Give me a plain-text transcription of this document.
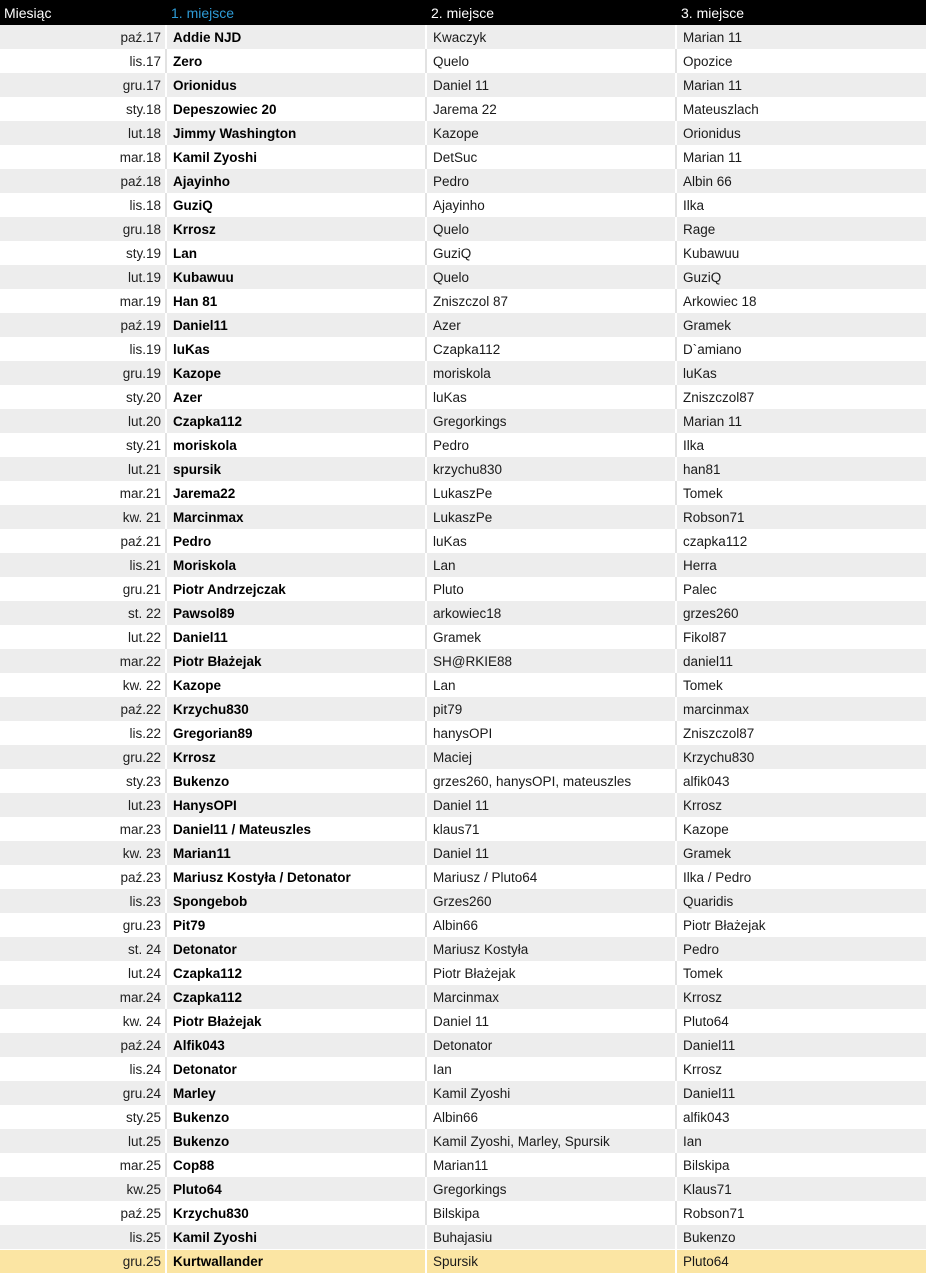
Miesiąc	1. miejsce	2. miejsce	3. miejsce
paź.17	Addie NJD	Kwaczyk	Marian 11
lis.17	Zero	Quelo	Opozice
gru.17	Orionidus	Daniel 11	Marian 11
sty.18	Depeszowiec 20	Jarema 22	Mateuszlach
lut.18	Jimmy Washington	Kazope	Orionidus
mar.18	Kamil Zyoshi	DetSuc	Marian 11
paź.18	Ajayinho	Pedro	Albin 66
lis.18	GuziQ	Ajayinho	Ilka
gru.18	Krrosz	Quelo	Rage
sty.19	Lan	GuziQ	Kubawuu
lut.19	Kubawuu	Quelo	GuziQ
mar.19	Han 81	Zniszczol 87	Arkowiec 18
paź.19	Daniel11	Azer	Gramek
lis.19	luKas	Czapka112	D`amiano
gru.19	Kazope	moriskola	luKas
sty.20	Azer	luKas	Zniszczol87
lut.20	Czapka112	Gregorkings	Marian 11
sty.21	moriskola	Pedro	Ilka
lut.21	spursik	krzychu830	han81
mar.21	Jarema22	LukaszPe	Tomek
kw. 21	Marcinmax	LukaszPe	Robson71
paź.21	Pedro	luKas	czapka112
lis.21	Moriskola	Lan	Herra
gru.21	Piotr Andrzejczak	Pluto	Palec
st. 22	Pawsol89	arkowiec18	grzes260
lut.22	Daniel11	Gramek	Fikol87
mar.22	Piotr Błażejak	SH@RKIE88	daniel11
kw. 22	Kazope	Lan	Tomek
paź.22	Krzychu830	pit79	marcinmax
lis.22	Gregorian89	hanysOPI	Zniszczol87
gru.22	Krrosz	Maciej	Krzychu830
sty.23	Bukenzo	grzes260, hanysOPI, mateuszles	alfik043
lut.23	HanysOPI	Daniel 11	Krrosz
mar.23	Daniel11 / Mateuszles	klaus71	Kazope
kw. 23	Marian11	Daniel 11	Gramek
paź.23	Mariusz Kostyła / Detonator	Mariusz / Pluto64	Ilka / Pedro
lis.23	Spongebob	Grzes260	Quaridis
gru.23	Pit79	Albin66	Piotr Błażejak
st. 24	Detonator	Mariusz Kostyła	Pedro
lut.24	Czapka112	Piotr Błażejak	Tomek
mar.24	Czapka112	Marcinmax	Krrosz
kw. 24	Piotr Błażejak	Daniel 11	Pluto64
paź.24	Alfik043	Detonator	Daniel11
lis.24	Detonator	Ian	Krrosz
gru.24	Marley	Kamil Zyoshi	Daniel11
sty.25	Bukenzo	Albin66	alfik043
lut.25	Bukenzo	Kamil Zyoshi, Marley, Spursik	Ian
mar.25	Cop88	Marian11	Bilskipa
kw.25	Pluto64	Gregorkings	Klaus71
paź.25	Krzychu830	Bilskipa	Robson71
lis.25	Kamil Zyoshi	Buhajasiu	Bukenzo
gru.25	Kurtwallander	Spursik	Pluto64
